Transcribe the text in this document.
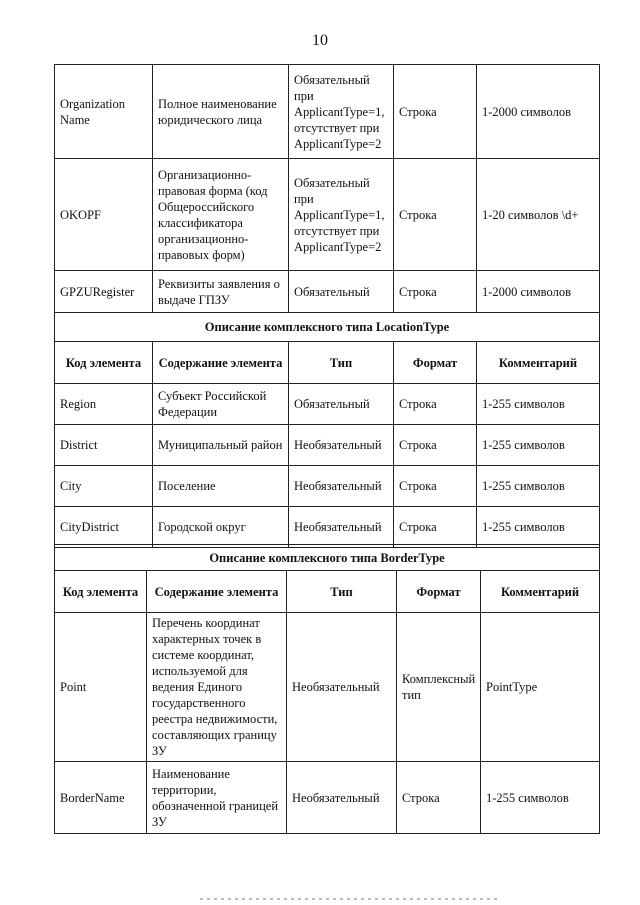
10
Organization Name	Полное наименование юридического лица	Обязательный при ApplicantType=1, отсутствует при ApplicantType=2	Строка	1-2000 символов
OKOPF	Организационно-правовая форма (код Общероссийского классификатора организационно-правовых форм)	Обязательный при ApplicantType=1, отсутствует при ApplicantType=2	Строка	1-20 символов \d+
GPZURegister	Реквизиты заявления о выдаче ГПЗУ	Обязательный	Строка	1-2000 символов
Описание комплексного типа LocationType				
Код элемента	Содержание элемента	Тип	Формат	Комментарий
Region	Субъект Российской Федерации	Обязательный	Строка	1-255 символов
District	Муниципальный район	Необязательный	Строка	1-255 символов
City	Поселение	Необязательный	Строка	1-255 символов
CityDistrict	Городской округ	Необязательный	Строка	1-255 символов
Описание комплексного типа BorderType				
Код элемента	Содержание элемента	Тип	Формат	Комментарий
Point	Перечень координат характерных точек в системе координат, используемой для ведения Единого государственного реестра недвижимости, составляющих границу ЗУ	Необязательный	Комплексный тип	PointType
BorderName	Наименование территории, обозначенной границей ЗУ	Необязательный	Строка	1-255 символов
